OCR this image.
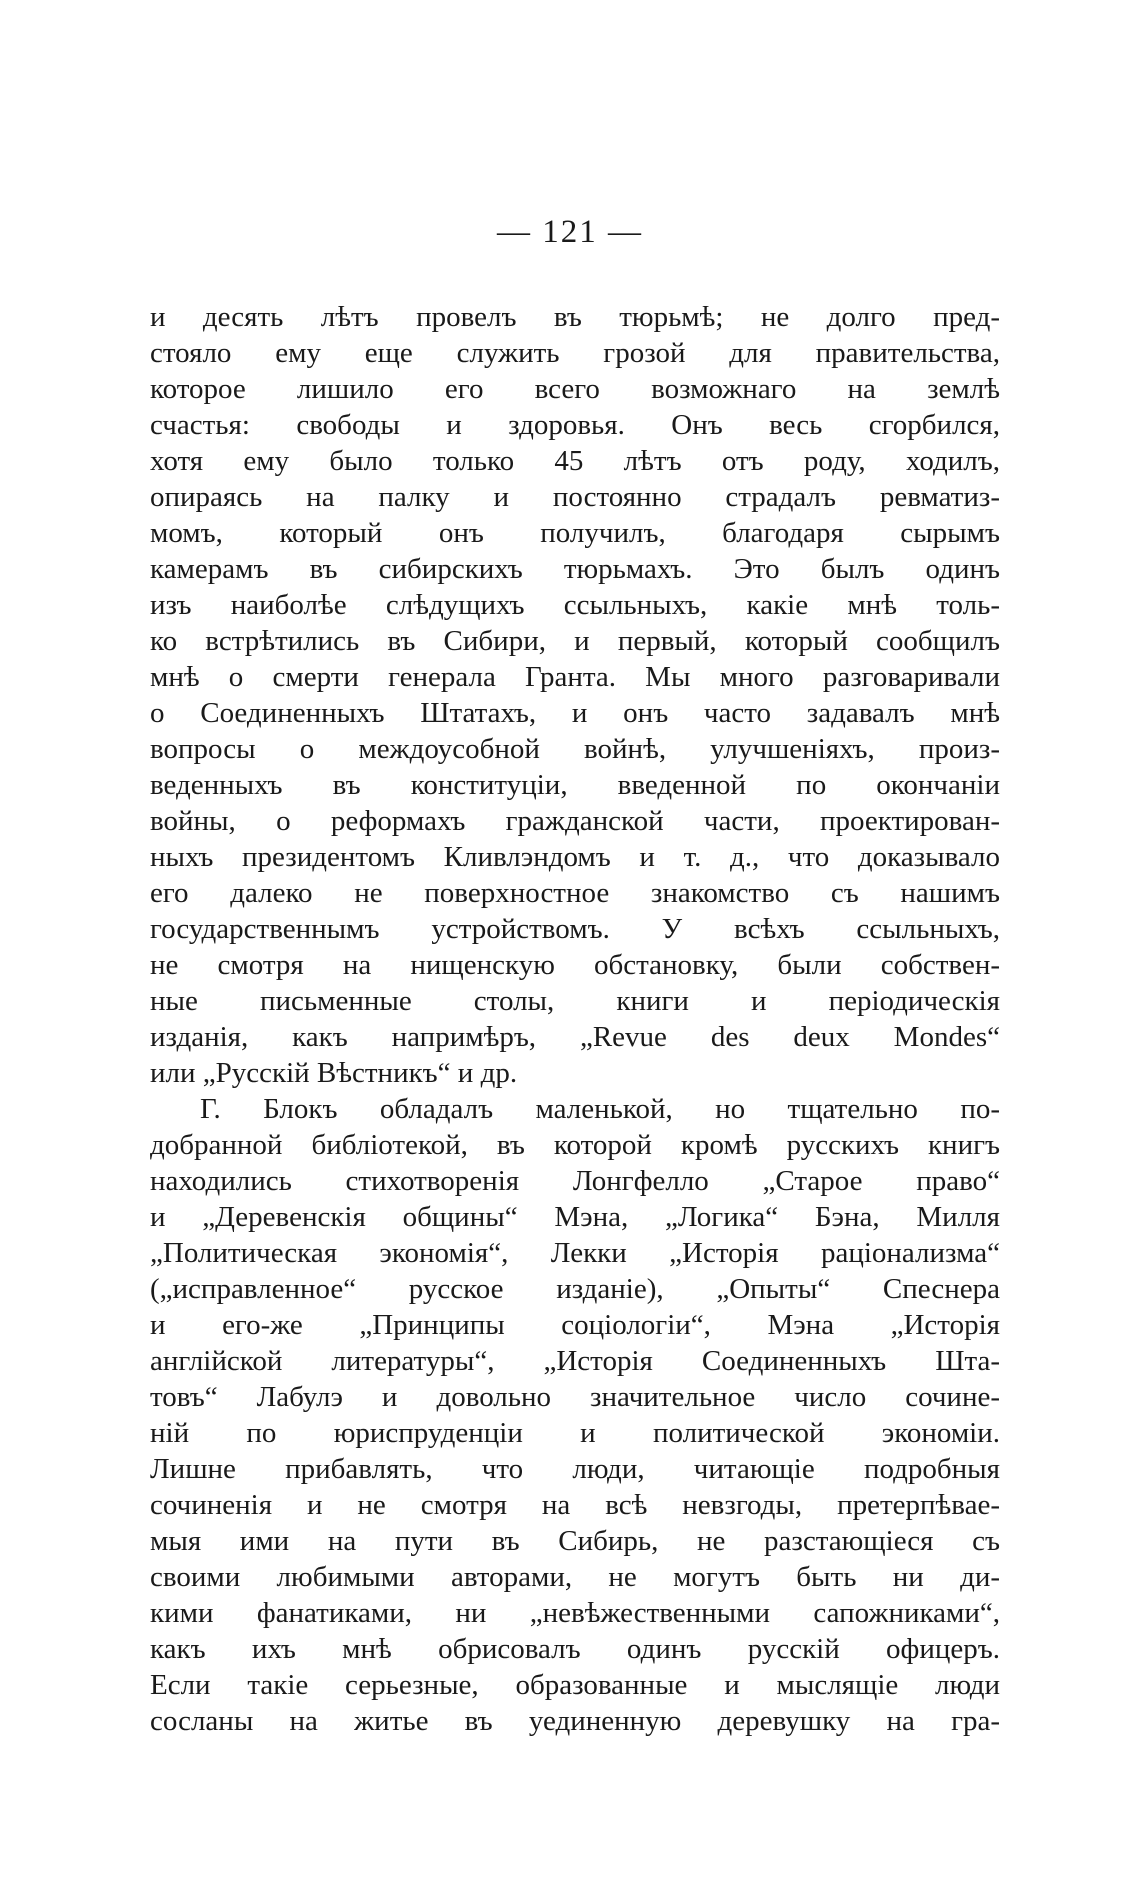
— 121 —
и десять лѣтъ провелъ въ тюрьмѣ; не долго пред-
стояло ему еще служить грозой для правительства,
которое лишило его всего возможнаго на землѣ
счастья: свободы и здоровья. Онъ весь сгорбился,
хотя ему было только 45 лѣтъ отъ роду, ходилъ,
опираясь на палку и постоянно страдалъ ревматиз-
момъ, который онъ получилъ, благодаря сырымъ
камерамъ въ сибирскихъ тюрьмахъ. Это былъ одинъ
изъ наиболѣе слѣдущихъ ссыльныхъ, какіе мнѣ толь-
ко встрѣтились въ Сибири, и первый, который сообщилъ
мнѣ о смерти генерала Гранта. Мы много разговаривали
о Соединенныхъ Штатахъ, и онъ часто задавалъ мнѣ
вопросы о междоусобной войнѣ, улучшеніяхъ, произ-
веденныхъ въ конституціи, введенной по окончаніи
войны, о реформахъ гражданской части, проектирован-
ныхъ президентомъ Кливлэндомъ и т. д., что доказывало
его далеко не поверхностное знакомство съ нашимъ
государственнымъ устройствомъ. У всѣхъ ссыльныхъ,
не смотря на нищенскую обстановку, были собствен-
ные письменные столы, книги и періодическія
изданія, какъ напримѣръ, „Revue des deux Mondes“
или „Русскій Вѣстникъ“ и др.
Г. Блокъ обладалъ маленькой, но тщательно по-
добранной библіотекой, въ которой кромѣ русскихъ книгъ
находились стихотворенія Лонгфелло „Старое право“
и „Деревенскія общины“ Мэна, „Логика“ Бэна, Милля
„Политическая экономія“, Лекки „Исторія раціонализма“
(„исправленное“ русское изданіе), „Опыты“ Спеснера
и его-же „Принципы соціологіи“, Мэна „Исторія
англійской литературы“, „Исторія Соединенныхъ Шта-
товъ“ Лабулэ и довольно значительное число сочине-
ній по юриспруденціи и политической экономіи.
Лишне прибавлять, что люди, читающіе подробныя
сочиненія и не смотря на всѣ невзгоды, претерпѣвае-
мыя ими на пути въ Сибирь, не разстающіеся съ
своими любимыми авторами, не могутъ быть ни ди-
кими фанатиками, ни „невѣжественными сапожниками“,
какъ ихъ мнѣ обрисовалъ одинъ русскій офицеръ.
Если такіе серьезные, образованные и мыслящіе люди
сосланы на житье въ уединенную деревушку на гра-
